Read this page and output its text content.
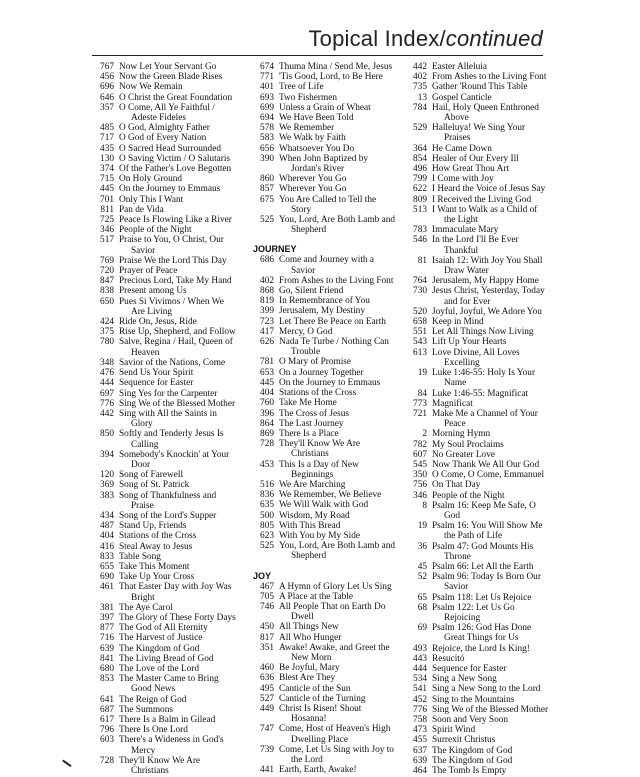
Topical Index/continued
767 Now Let Your Servant Go
456 Now the Green Blade Rises
696 Now We Remain
646 O Christ the Great Foundation
357 O Come, All Ye Faithful /
Adeste Fideles
485 O God, Almighty Father
717 O God of Every Nation
435 O Sacred Head Surrounded
130 O Saving Victim / O Salutaris
374 Of the Father's Love Begotten
715 On Holy Ground
445 On the Journey to Emmaus
701 Only This I Want
811 Pan de Vida
725 Peace Is Flowing Like a River
346 People of the Night
517 Praise to You, O Christ, Our
Savior
769 Praise We the Lord This Day
720 Prayer of Peace
847 Precious Lord, Take My Hand
838 Present among Us
650 Pues Si Vivimos / When We
Are Living
424 Ride On, Jesus, Ride
375 Rise Up, Shepherd, and Follow
780 Salve, Regina / Hail, Queen of
Heaven
348 Savior of the Nations, Come
476 Send Us Your Spirit
444 Sequence for Easter
697 Sing Yes for the Carpenter
776 Sing We of the Blessed Mother
442 Sing with All the Saints in
Glory
850 Softly and Tenderly Jesus Is
Calling
394 Somebody's Knockin' at Your
Door
120 Song of Farewell
369 Song of St. Patrick
383 Song of Thankfulness and
Praise
434 Song of the Lord's Supper
487 Stand Up, Friends
404 Stations of the Cross
416 Steal Away to Jesus
833 Table Song
655 Take This Moment
690 Take Up Your Cross
461 That Easter Day with Joy Was
Bright
381 The Aye Carol
397 The Glory of These Forty Days
877 The God of All Eternity
716 The Harvest of Justice
639 The Kingdom of God
841 The Living Bread of God
680 The Love of the Lord
853 The Master Came to Bring
Good News
641 The Reign of God
687 The Summons
617 There Is a Balm in Gilead
796 There Is One Lord
603 There's a Wideness in God's
Mercy
728 They'll Know We Are
Christians
674 Thuma Mina / Send Me, Jesus
771 'Tis Good, Lord, to Be Here
401 Tree of Life
693 Two Fishermen
699 Unless a Grain of Wheat
694 We Have Been Told
578 We Remember
583 We Walk by Faith
656 Whatsoever You Do
390 When John Baptized by
Jordan's River
860 Wherever You Go
857 Wherever You Go
675 You Are Called to Tell the
Story
525 You, Lord, Are Both Lamb and
Shepherd
JOURNEY
686 Come and Journey with a
Savior
402 From Ashes to the Living Font
868 Go, Silent Friend
819 In Remembrance of You
399 Jerusalem, My Destiny
723 Let There Be Peace on Earth
417 Mercy, O God
626 Nada Te Turbe / Nothing Can
Trouble
781 O Mary of Promise
653 On a Journey Together
445 On the Journey to Emmaus
404 Stations of the Cross
760 Take Me Home
396 The Cross of Jesus
864 The Last Journey
869 There Is a Place
728 They'll Know We Are
Christians
453 This Is a Day of New
Beginnings
516 We Are Marching
836 We Remember, We Believe
635 We Will Walk with God
500 Wisdom, My Road
805 With This Bread
623 With You by My Side
525 You, Lord, Are Both Lamb and
Shepherd
JOY
467 A Hymn of Glory Let Us Sing
705 A Place at the Table
746 All People That on Earth Do
Dwell
450 All Things New
817 All Who Hunger
351 Awake! Awake, and Greet the
New Morn
460 Be Joyful, Mary
636 Blest Are They
495 Canticle of the Sun
527 Canticle of the Turning
449 Christ Is Risen! Shout
Hosanna!
747 Come, Host of Heaven's High
Dwelling Place
739 Come, Let Us Sing with Joy to
the Lord
441 Earth, Earth, Awake!
442 Easter Alleluia
402 From Ashes to the Living Font
735 Gather 'Round This Table
13 Gospel Canticle
784 Hail, Holy Queen Enthroned
Above
529 Halleluya! We Sing Your
Praises
364 He Came Down
854 Healer of Our Every Ill
496 How Great Thou Art
799 I Come with Joy
622 I Heard the Voice of Jesus Say
809 I Received the Living God
513 I Want to Walk as a Child of
the Light
783 Immaculate Mary
546 In the Lord I'll Be Ever
Thankful
81 Isaiah 12: With Joy You Shall
Draw Water
764 Jerusalem, My Happy Home
730 Jesus Christ, Yesterday, Today
and for Ever
520 Joyful, Joyful, We Adore You
658 Keep in Mind
551 Let All Things Now Living
543 Lift Up Your Hearts
613 Love Divine, All Loves
Excelling
19 Luke 1:46-55: Holy Is Your
Name
84 Luke 1:46-55: Magnificat
773 Magnificat
721 Make Me a Channel of Your
Peace
2 Morning Hymn
782 My Soul Proclaims
607 No Greater Love
545 Now Thank We All Our God
350 O Come, O Come, Emmanuel
756 On That Day
346 People of the Night
8 Psalm 16: Keep Me Safe, O
God
19 Psalm 16: You Will Show Me
the Path of Life
36 Psalm 47: God Mounts His
Throne
45 Psalm 66: Let All the Earth
52 Psalm 96: Today Is Born Our
Savior
65 Psalm 118: Let Us Rejoice
68 Psalm 122: Let Us Go
Rejoicing
69 Psalm 126: God Has Done
Great Things for Us
493 Rejoice, the Lord Is King!
443 Resucitó
444 Sequence for Easter
534 Sing a New Song
541 Sing a New Song to the Lord
452 Sing to the Mountains
776 Sing We of the Blessed Mother
758 Soon and Very Soon
473 Spirit Wind
455 Surrexit Christus
637 The Kingdom of God
639 The Kingdom of God
464 The Tomb Is Empty
